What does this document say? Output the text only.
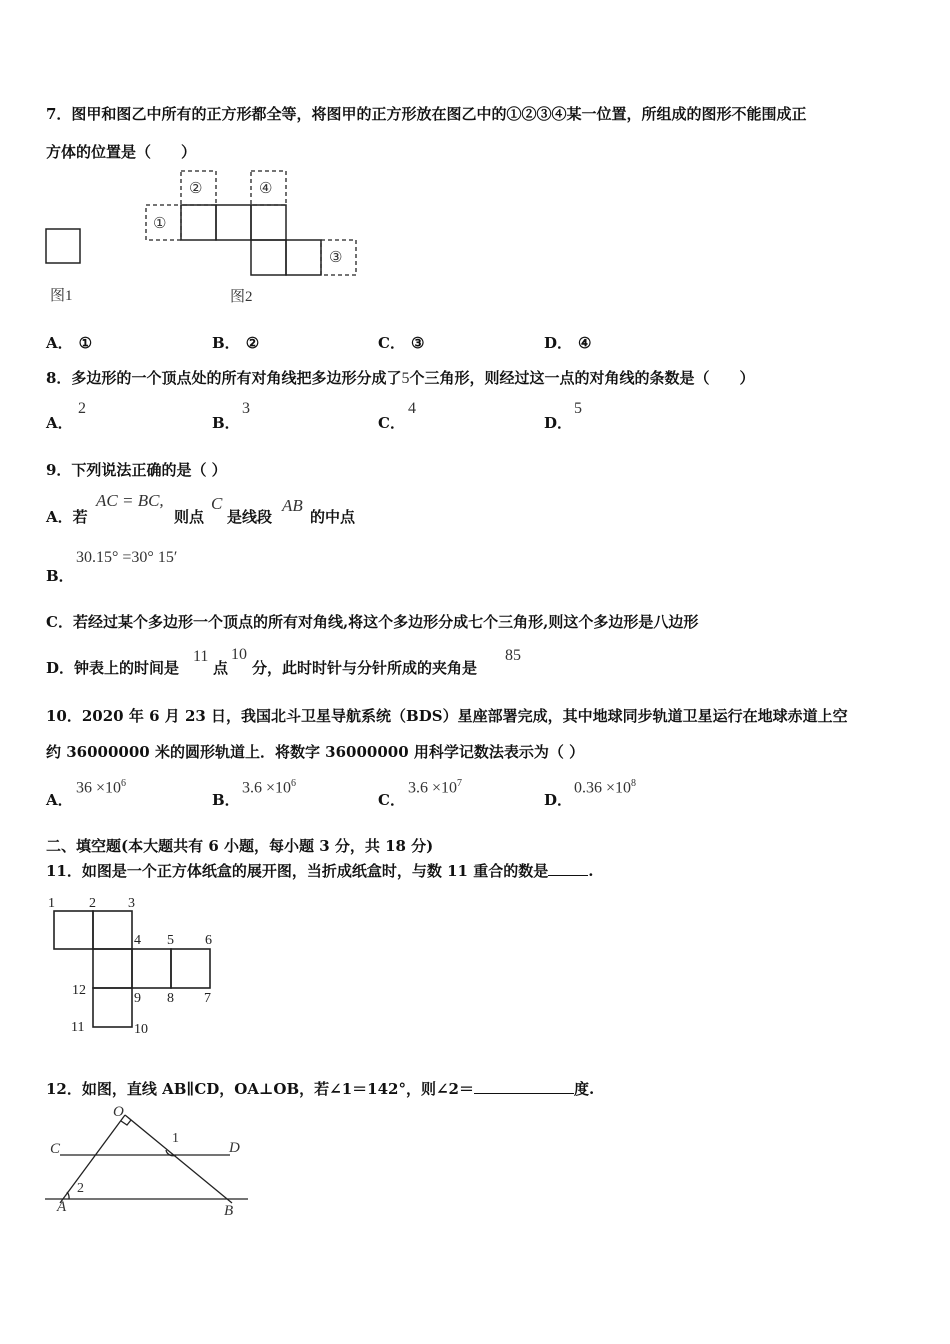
7．图甲和图乙中所有的正方形都全等，将图甲的正方形放在图乙中的①②③④某一位置，所组成的图形不能围成正
方体的位置是（　　）
①
②
③
④
图1	图2
A． ①	B． ②	C． ③	D． ④
8．多边形的一个顶点处的所有对角线把多边形分成了5个三角形，则经过这一点的对角线的条数是（　　）
A．
2
B．
3
C．
4
D．
5
9．下列说法正确的是（ ）
A．若
AC = BC,
则点
C
是线段
AB
的中点
B．
30.15° =30° 15′
C．若经过某个多边形一个顶点的所有对角线,将这个多边形分成七个三角形,则这个多边形是八边形
D．钟表上的时间是
11
点
10
分，此时时针与分针所成的夹角是
85
10．2020 年 6 月 23 日，我国北斗卫星导航系统（BDS）星座部署完成，其中地球同步轨道卫星运行在地球赤道上空
约 36000000 米的圆形轨道上．将数字 36000000 用科学记数法表示为（ ）
A．
$36 \times 10^6$
B．
$3.6 \times 10^6$
C．
$3.6 \times 10^7$
D．
$0.36 \times 10^8$
二、填空题(本大题共有 6 小题，每小题 3 分，共 18 分)
11．如图是一个正方体纸盒的展开图，当折成纸盒时，与数 11 重合的数是	.
1 2 3
4 5 6
12
9 8 7
11	10
12．如图，直线 AB∥CD，OA⊥OB，若∠1＝142°，则∠2＝	度.
O
C	D
A	B
1
2
